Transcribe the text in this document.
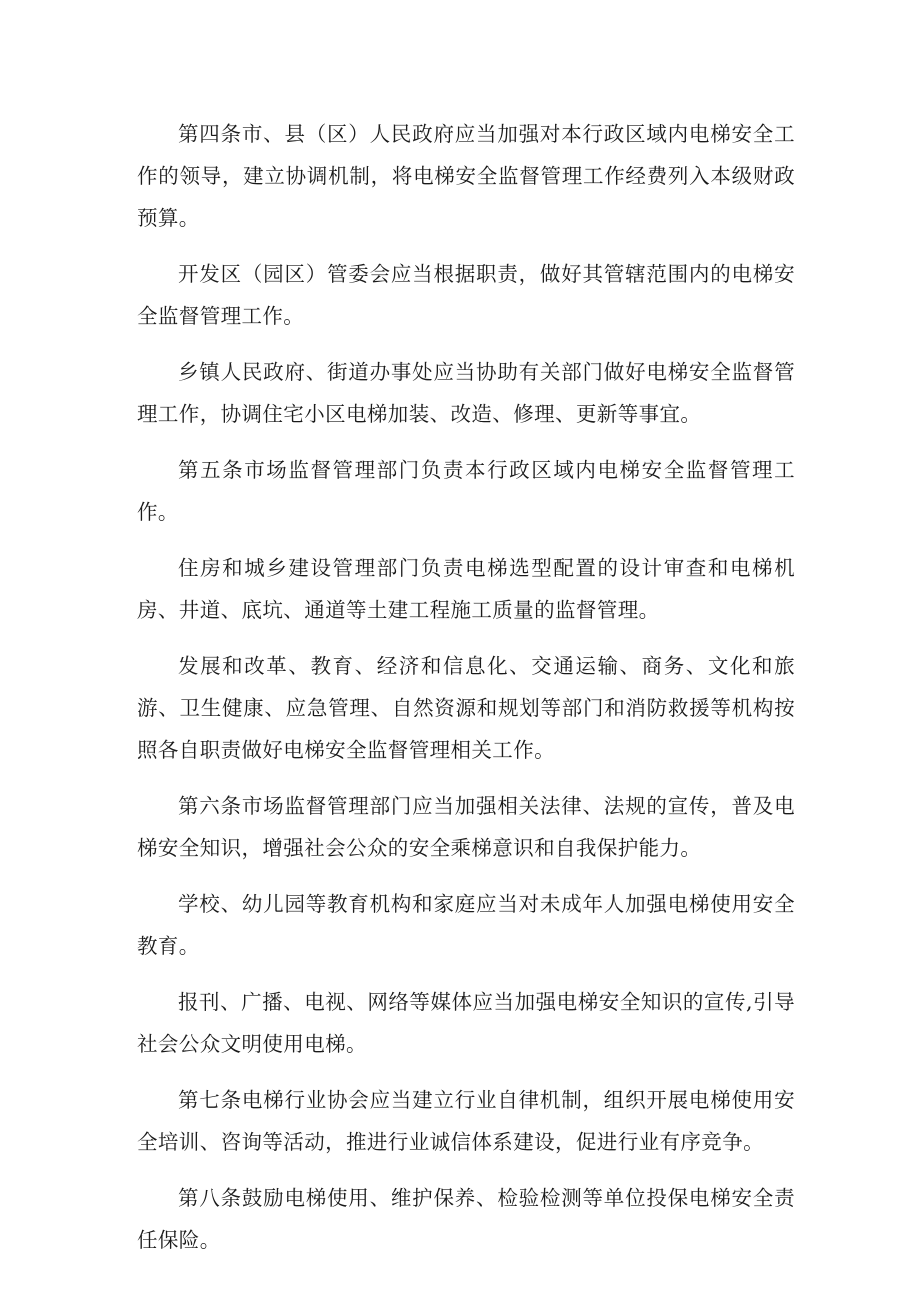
第四条市、县（区）人民政府应当加强对本行政区域内电梯安全工作的领导，建立协调机制，将电梯安全监督管理工作经费列入本级财政预算。

开发区（园区）管委会应当根据职责，做好其管辖范围内的电梯安全监督管理工作。

乡镇人民政府、街道办事处应当协助有关部门做好电梯安全监督管理工作，协调住宅小区电梯加装、改造、修理、更新等事宜。

第五条市场监督管理部门负责本行政区域内电梯安全监督管理工作。

住房和城乡建设管理部门负责电梯选型配置的设计审查和电梯机房、井道、底坑、通道等土建工程施工质量的监督管理。

发展和改革、教育、经济和信息化、交通运输、商务、文化和旅游、卫生健康、应急管理、自然资源和规划等部门和消防救援等机构按照各自职责做好电梯安全监督管理相关工作。

第六条市场监督管理部门应当加强相关法律、法规的宣传，普及电梯安全知识，增强社会公众的安全乘梯意识和自我保护能力。

学校、幼儿园等教育机构和家庭应当对未成年人加强电梯使用安全教育。

报刊、广播、电视、网络等媒体应当加强电梯安全知识的宣传,引导社会公众文明使用电梯。

第七条电梯行业协会应当建立行业自律机制，组织开展电梯使用安全培训、咨询等活动，推进行业诚信体系建设，促进行业有序竞争。

第八条鼓励电梯使用、维护保养、检验检测等单位投保电梯安全责任保险。
